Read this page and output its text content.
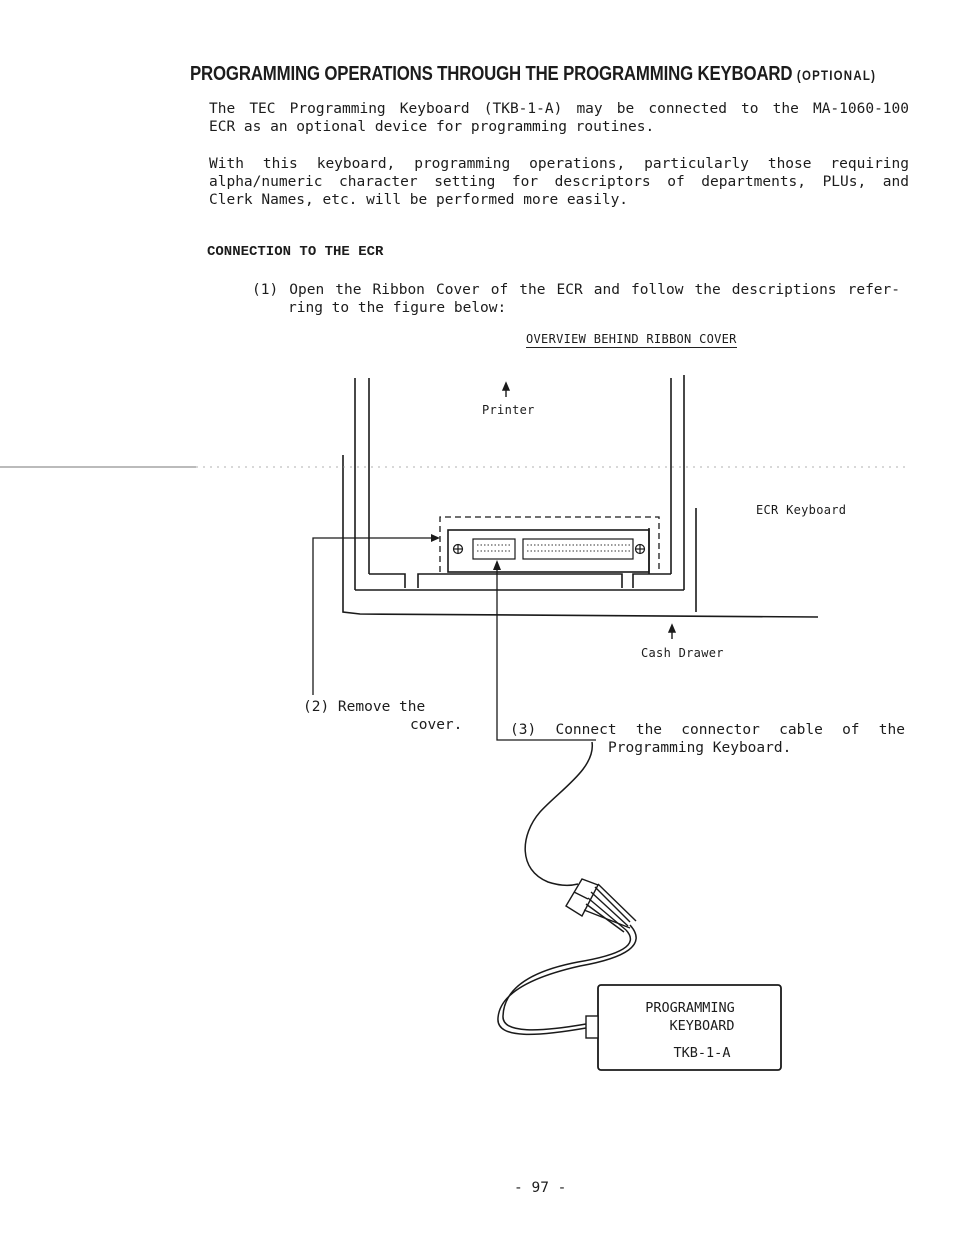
PROGRAMMING OPERATIONS THROUGH THE PROGRAMMING KEYBOARD (OPTIONAL)
The TEC Programming Keyboard (TKB-1-A) may be connected to the MA-1060-100
ECR as an optional device for programming routines.
With this keyboard, programming operations, particularly those requiring
alpha/numeric character setting for descriptors of departments, PLUs, and
Clerk Names, etc. will be performed more easily.
CONNECTION TO THE ECR
(1) Open the Ribbon Cover of the ECR and follow the descriptions refer-
ring to the figure below:
OVERVIEW BEHIND RIBBON COVER
Printer
ECR Keyboard
Cash Drawer
(2) Remove the
cover.	(3) Connect the connector cable of the
Programming Keyboard.
PROGRAMMING
KEYBOARD
TKB-1-A
- 97 -
